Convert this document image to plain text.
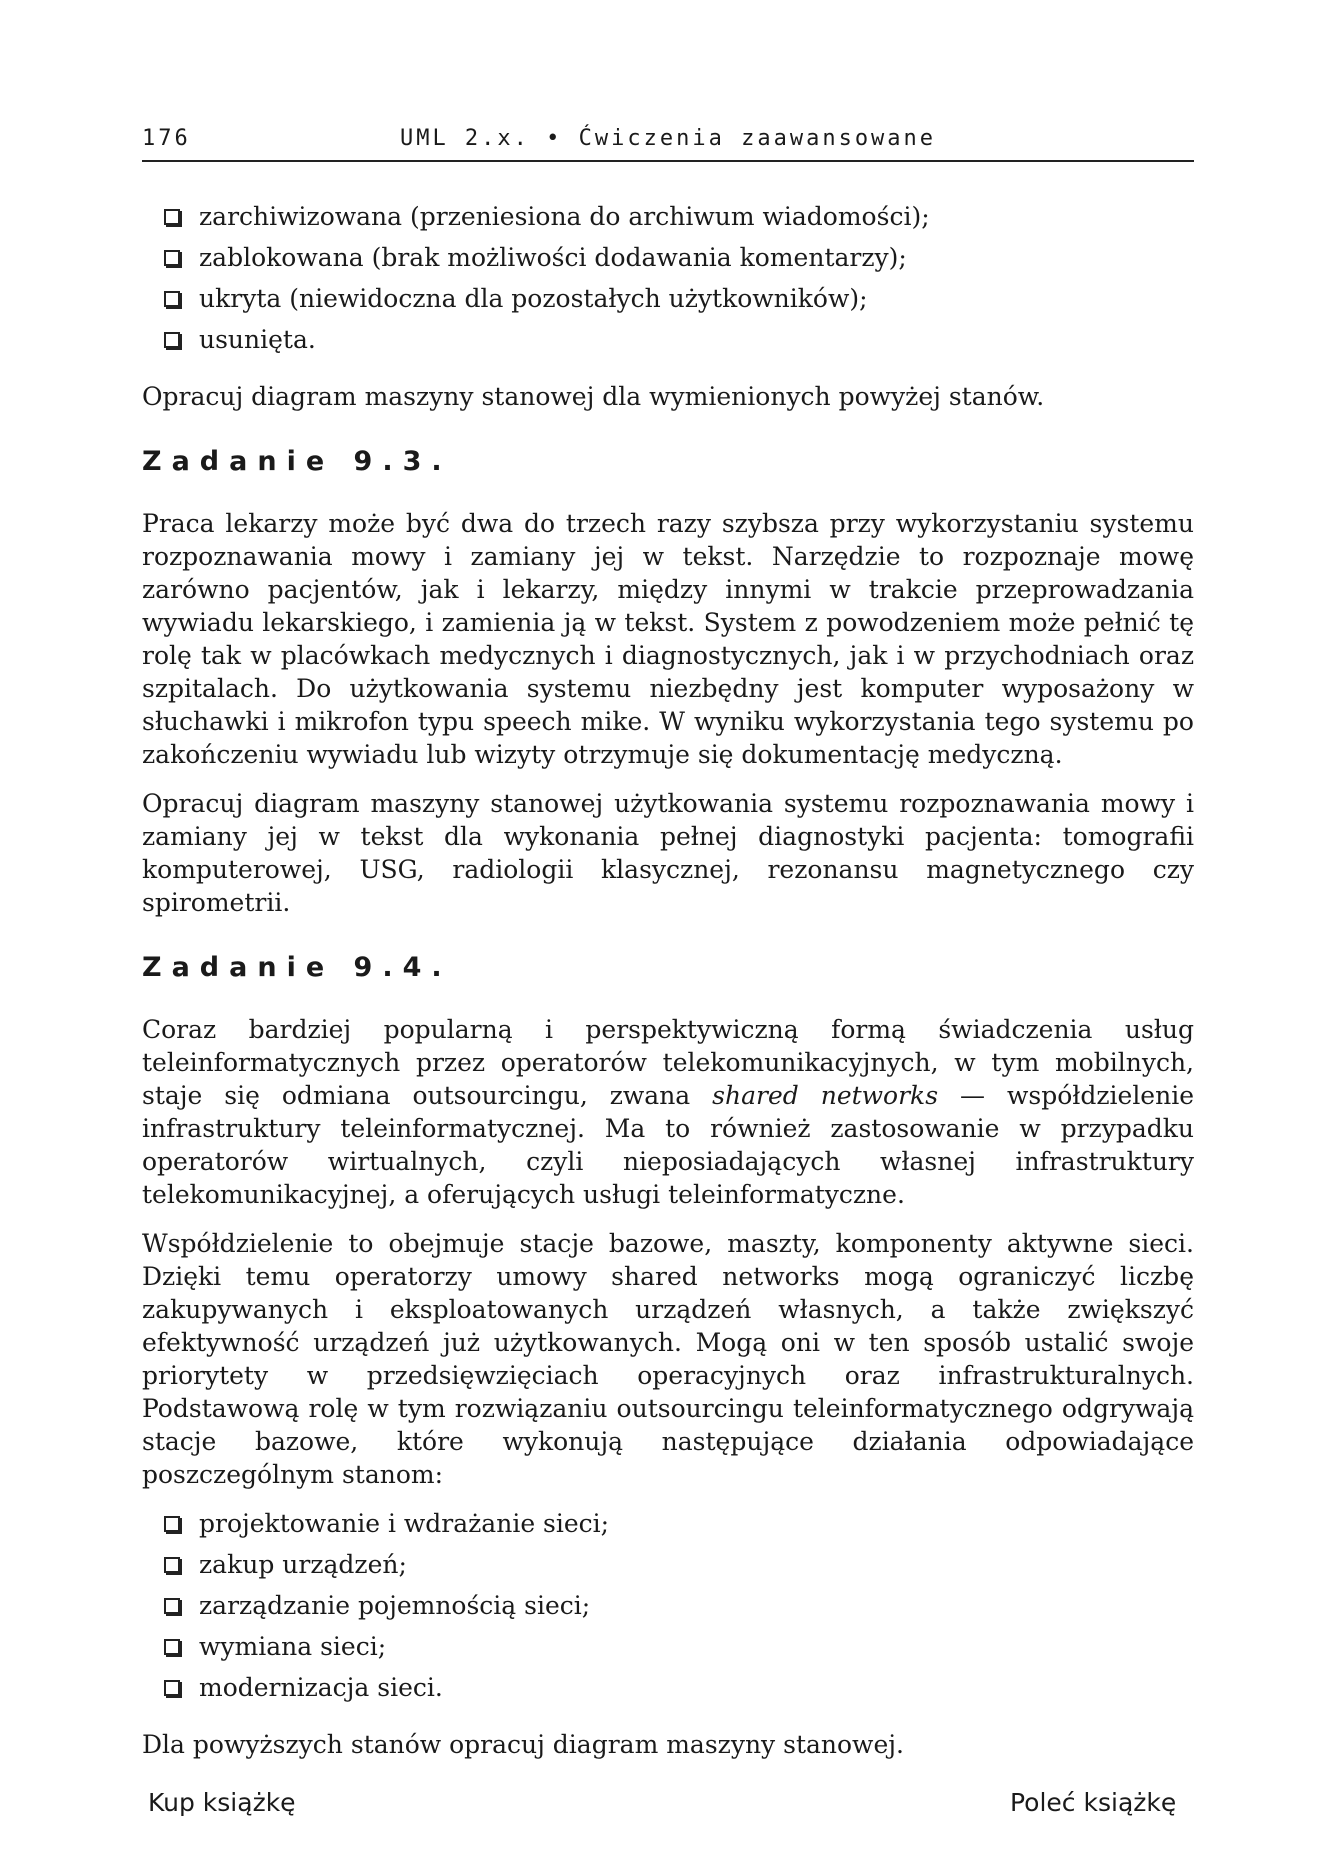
176	UML 2.x. • Ćwiczenia zaawansowane
zarchiwizowana (przeniesiona do archiwum wiadomości);
zablokowana (brak możliwości dodawania komentarzy);
ukryta (niewidoczna dla pozostałych użytkowników);
usunięta.

Opracuj diagram maszyny stanowej dla wymienionych powyżej stanów.

Zadanie 9.3.

Praca lekarzy może być dwa do trzech razy szybsza przy wykorzystaniu systemu rozpoznawania mowy i zamiany jej w tekst. Narzędzie to rozpoznaje mowę zarówno pacjentów, jak i lekarzy, między innymi w trakcie przeprowadzania wywiadu lekarskiego, i zamienia ją w tekst. System z powodzeniem może pełnić tę rolę tak w placówkach medycznych i diagnostycznych, jak i w przychodniach oraz szpitalach. Do użytkowania systemu niezbędny jest komputer wyposażony w słuchawki i mikrofon typu speech mike. W wyniku wykorzystania tego systemu po zakończeniu wywiadu lub wizyty otrzymuje się dokumentację medyczną.

Opracuj diagram maszyny stanowej użytkowania systemu rozpoznawania mowy i zamiany jej w tekst dla wykonania pełnej diagnostyki pacjenta: tomografii komputerowej, USG, radiologii klasycznej, rezonansu magnetycznego czy spirometrii.

Zadanie 9.4.

Coraz bardziej popularną i perspektywiczną formą świadczenia usług teleinformatycznych przez operatorów telekomunikacyjnych, w tym mobilnych, staje się odmiana outsourcingu, zwana shared networks — współdzielenie infrastruktury teleinformatycznej. Ma to również zastosowanie w przypadku operatorów wirtualnych, czyli nieposiadających własnej infrastruktury telekomunikacyjnej, a oferujących usługi teleinformatyczne.

Współdzielenie to obejmuje stacje bazowe, maszty, komponenty aktywne sieci. Dzięki temu operatorzy umowy shared networks mogą ograniczyć liczbę zakupywanych i eksploatowanych urządzeń własnych, a także zwiększyć efektywność urządzeń już użytkowanych. Mogą oni w ten sposób ustalić swoje priorytety w przedsięwzięciach operacyjnych oraz infrastrukturalnych. Podstawową rolę w tym rozwiązaniu outsourcingu teleinformatycznego odgrywają stacje bazowe, które wykonują następujące działania odpowiadające poszczególnym stanom:

projektowanie i wdrażanie sieci;
zakup urządzeń;
zarządzanie pojemnością sieci;
wymiana sieci;
modernizacja sieci.

Dla powyższych stanów opracuj diagram maszyny stanowej.

Kup książkę	Poleć książkę
